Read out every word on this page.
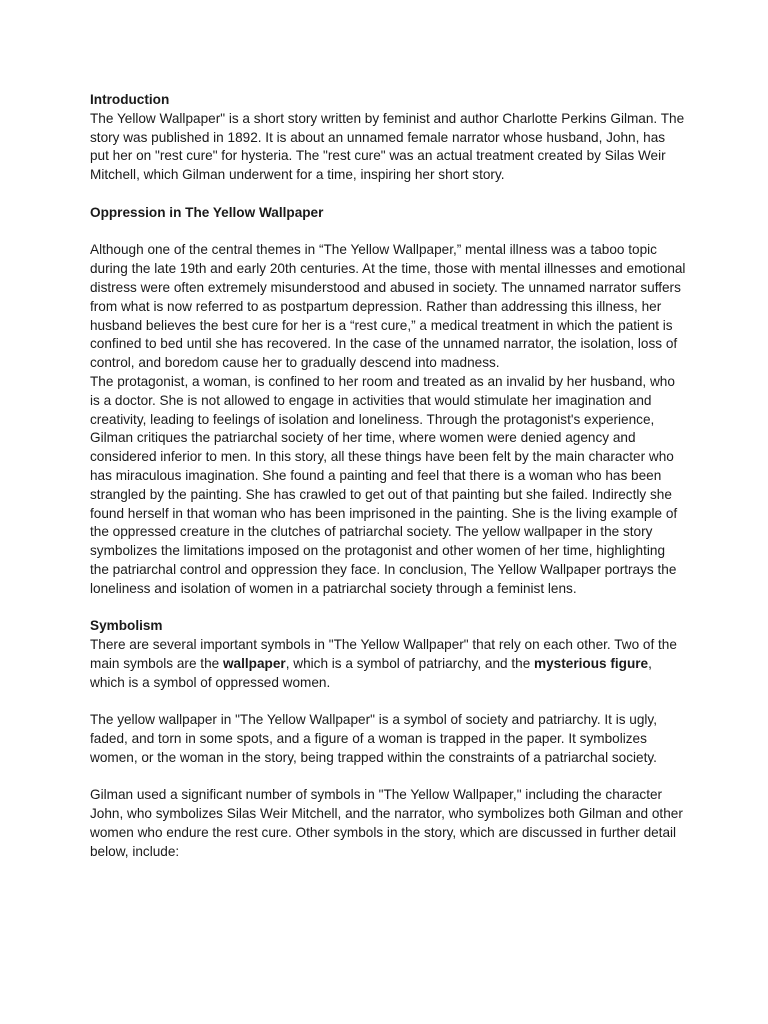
Introduction

The Yellow Wallpaper" is a short story written by feminist and author Charlotte Perkins Gilman. The story was published in 1892. It is about an unnamed female narrator whose husband, John, has put her on "rest cure" for hysteria. The "rest cure" was an actual treatment created by Silas Weir Mitchell, which Gilman underwent for a time, inspiring her short story.

Oppression in The Yellow Wallpaper

Although one of the central themes in “The Yellow Wallpaper,” mental illness was a taboo topic during the late 19th and early 20th centuries. At the time, those with mental illnesses and emotional distress were often extremely misunderstood and abused in society. The unnamed narrator suffers from what is now referred to as postpartum depression. Rather than addressing this illness, her husband believes the best cure for her is a “rest cure,” a medical treatment in which the patient is confined to bed until she has recovered. In the case of the unnamed narrator, the isolation, loss of control, and boredom cause her to gradually descend into madness.

The protagonist, a woman, is confined to her room and treated as an invalid by her husband, who is a doctor. She is not allowed to engage in activities that would stimulate her imagination and creativity, leading to feelings of isolation and loneliness. Through the protagonist's experience, Gilman critiques the patriarchal society of her time, where women were denied agency and considered inferior to men. In this story, all these things have been felt by the main character who has miraculous imagination. She found a painting and feel that there is a woman who has been strangled by the painting. She has crawled to get out of that painting but she failed. Indirectly she found herself in that woman who has been imprisoned in the painting. She is the living example of the oppressed creature in the clutches of patriarchal society. The yellow wallpaper in the story symbolizes the limitations imposed on the protagonist and other women of her time, highlighting the patriarchal control and oppression they face. In conclusion, The Yellow Wallpaper portrays the loneliness and isolation of women in a patriarchal society through a feminist lens.

Symbolism

There are several important symbols in "The Yellow Wallpaper" that rely on each other. Two of the main symbols are the wallpaper, which is a symbol of patriarchy, and the mysterious figure, which is a symbol of oppressed women.

The yellow wallpaper in "The Yellow Wallpaper" is a symbol of society and patriarchy. It is ugly, faded, and torn in some spots, and a figure of a woman is trapped in the paper. It symbolizes women, or the woman in the story, being trapped within the constraints of a patriarchal society.

Gilman used a significant number of symbols in "The Yellow Wallpaper," including the character John, who symbolizes Silas Weir Mitchell, and the narrator, who symbolizes both Gilman and other women who endure the rest cure. Other symbols in the story, which are discussed in further detail below, include:
